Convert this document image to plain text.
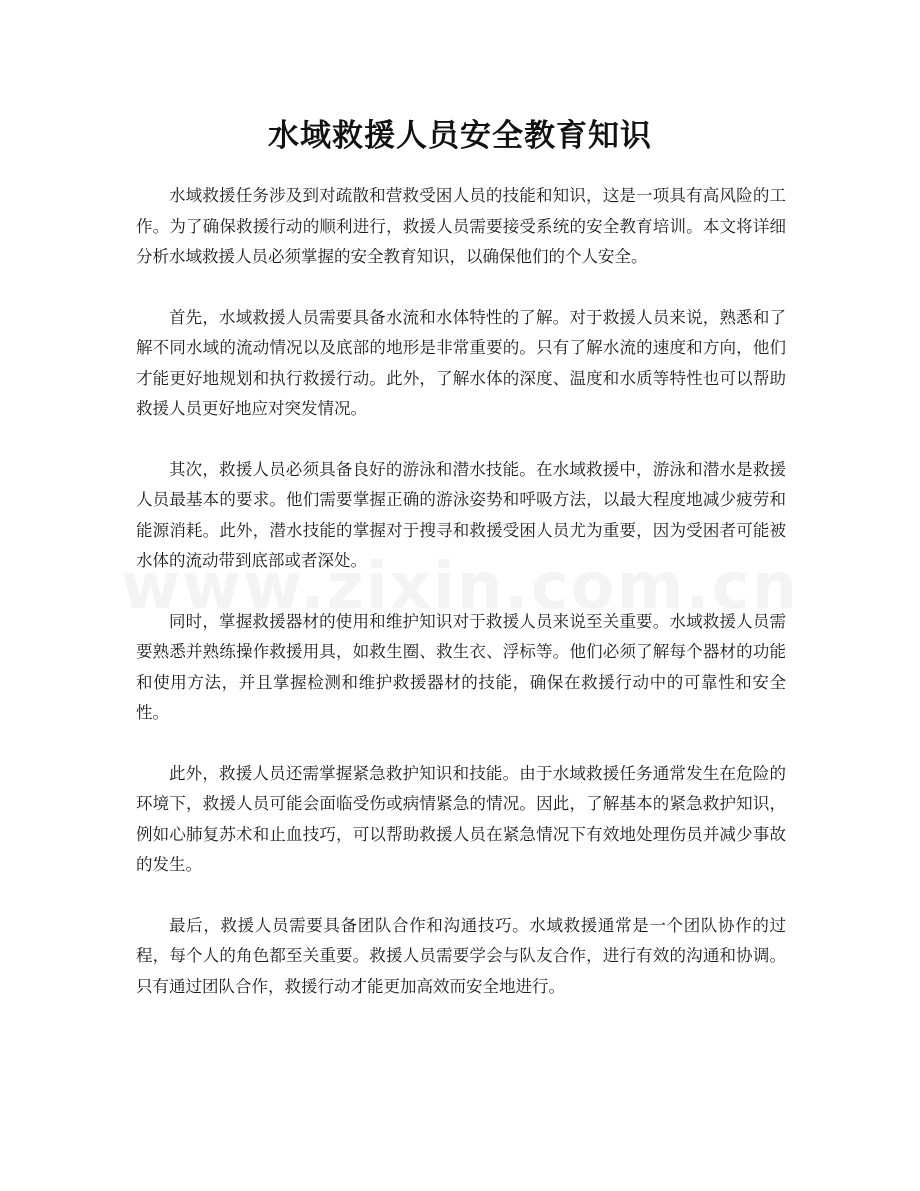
水域救援人员安全教育知识

水域救援任务涉及到对疏散和营救受困人员的技能和知识，这是一项具有高风险的工作。为了确保救援行动的顺利进行，救援人员需要接受系统的安全教育培训。本文将详细分析水域救援人员必须掌握的安全教育知识，以确保他们的个人安全。

首先，水域救援人员需要具备水流和水体特性的了解。对于救援人员来说，熟悉和了解不同水域的流动情况以及底部的地形是非常重要的。只有了解水流的速度和方向，他们才能更好地规划和执行救援行动。此外，了解水体的深度、温度和水质等特性也可以帮助救援人员更好地应对突发情况。

其次，救援人员必须具备良好的游泳和潜水技能。在水域救援中，游泳和潜水是救援人员最基本的要求。他们需要掌握正确的游泳姿势和呼吸方法，以最大程度地减少疲劳和能源消耗。此外，潜水技能的掌握对于搜寻和救援受困人员尤为重要，因为受困者可能被水体的流动带到底部或者深处。

同时，掌握救援器材的使用和维护知识对于救援人员来说至关重要。水域救援人员需要熟悉并熟练操作救援用具，如救生圈、救生衣、浮标等。他们必须了解每个器材的功能和使用方法，并且掌握检测和维护救援器材的技能，确保在救援行动中的可靠性和安全性。

此外，救援人员还需掌握紧急救护知识和技能。由于水域救援任务通常发生在危险的环境下，救援人员可能会面临受伤或病情紧急的情况。因此，了解基本的紧急救护知识，例如心肺复苏术和止血技巧，可以帮助救援人员在紧急情况下有效地处理伤员并减少事故的发生。

最后，救援人员需要具备团队合作和沟通技巧。水域救援通常是一个团队协作的过程，每个人的角色都至关重要。救援人员需要学会与队友合作，进行有效的沟通和协调。只有通过团队合作，救援行动才能更加高效而安全地进行。
